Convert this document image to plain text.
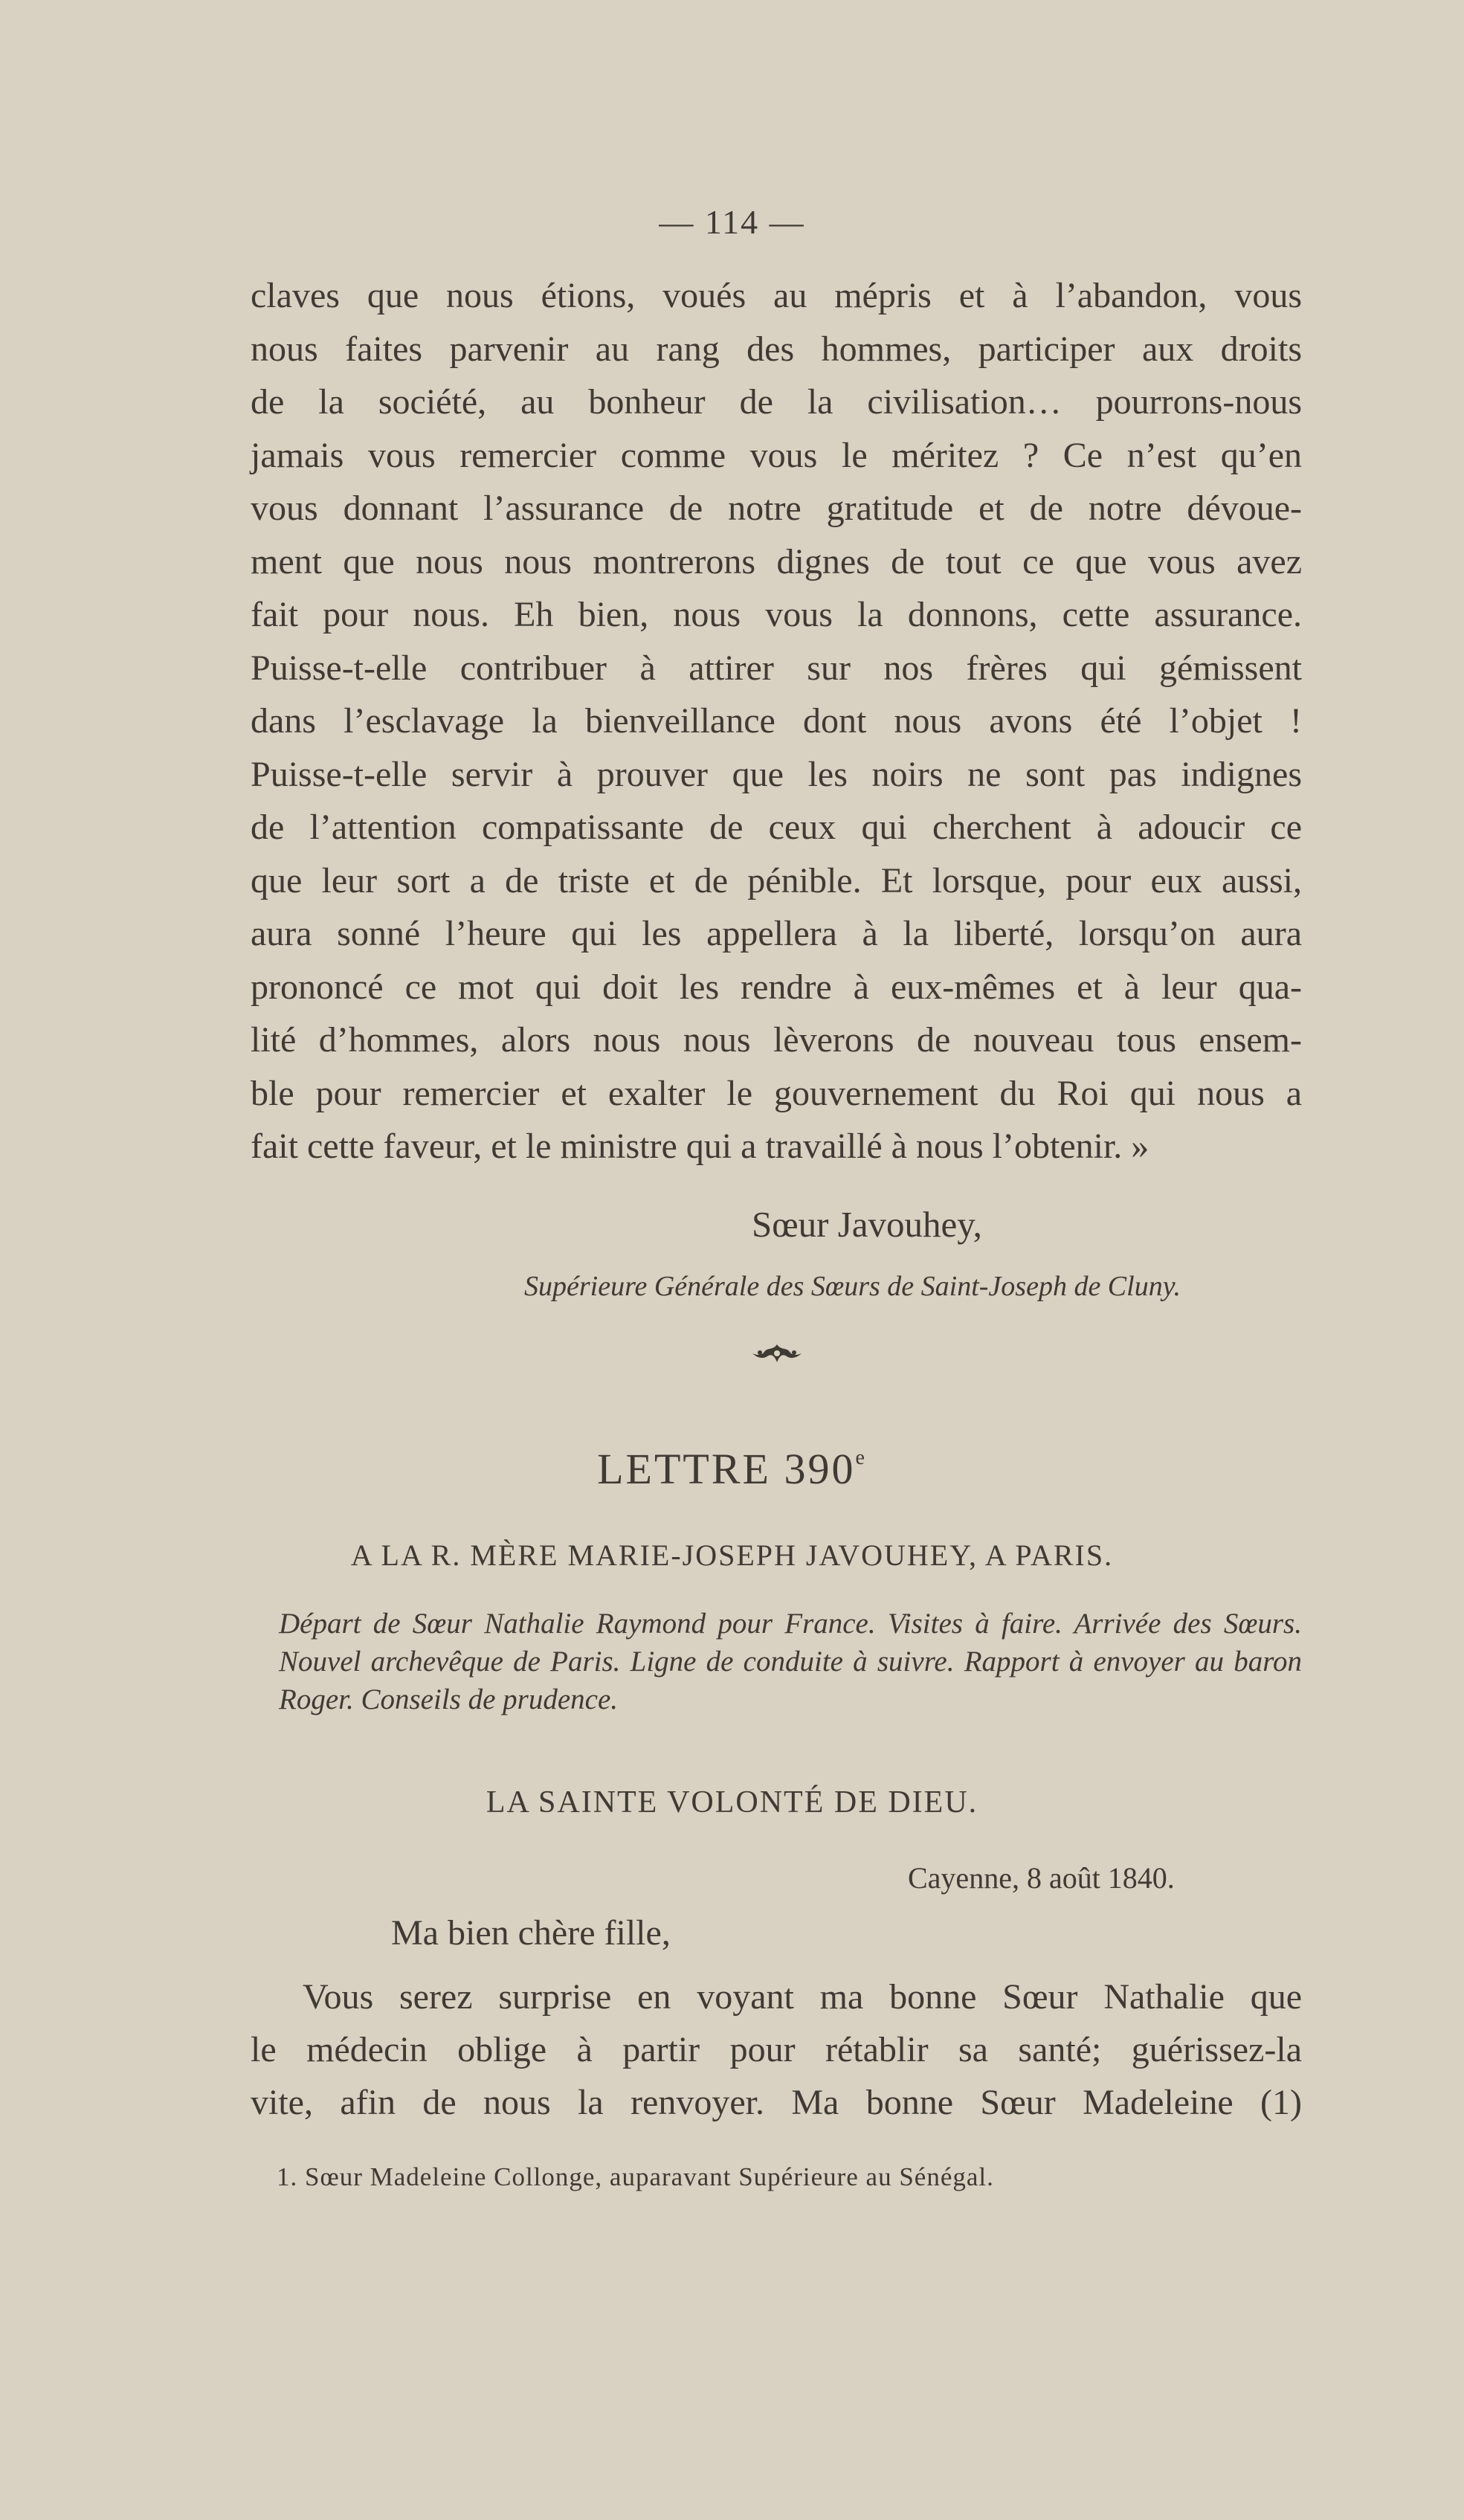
— 114 —
claves que nous étions, voués au mépris et à l’abandon, vous
nous faites parvenir au rang des hommes, participer aux droits
de la société, au bonheur de la civilisation… pourrons-nous
jamais vous remercier comme vous le méritez ? Ce n’est qu’en
vous donnant l’assurance de notre gratitude et de notre dévoue-
ment que nous nous montrerons dignes de tout ce que vous avez
fait pour nous. Eh bien, nous vous la donnons, cette assurance.
Puisse-t-elle contribuer à attirer sur nos frères qui gémissent
dans l’esclavage la bienveillance dont nous avons été l’objet !
Puisse-t-elle servir à prouver que les noirs ne sont pas indignes
de l’attention compatissante de ceux qui cherchent à adoucir ce
que leur sort a de triste et de pénible. Et lorsque, pour eux aussi,
aura sonné l’heure qui les appellera à la liberté, lorsqu’on aura
prononcé ce mot qui doit les rendre à eux-mêmes et à leur qua-
lité d’hommes, alors nous nous lèverons de nouveau tous ensem-
ble pour remercier et exalter le gouvernement du Roi qui nous a
fait cette faveur, et le ministre qui a travaillé à nous l’obtenir. »
Sœur Javouhey,
Supérieure Générale des Sœurs de Saint-Joseph de Cluny.
LETTRE 390e
A LA R. MÈRE MARIE-JOSEPH JAVOUHEY, A PARIS.
Départ de Sœur Nathalie Raymond pour France. Visites à faire. Arrivée des Sœurs. Nouvel archevêque de Paris. Ligne de conduite à suivre. Rapport à envoyer au baron Roger. Conseils de prudence.
LA SAINTE VOLONTÉ DE DIEU.
Cayenne, 8 août 1840.
Ma bien chère fille,
Vous serez surprise en voyant ma bonne Sœur Nathalie que
le médecin oblige à partir pour rétablir sa santé; guérissez-la
vite, afin de nous la renvoyer. Ma bonne Sœur Madeleine (1)
1. Sœur Madeleine Collonge, auparavant Supérieure au Sénégal.
